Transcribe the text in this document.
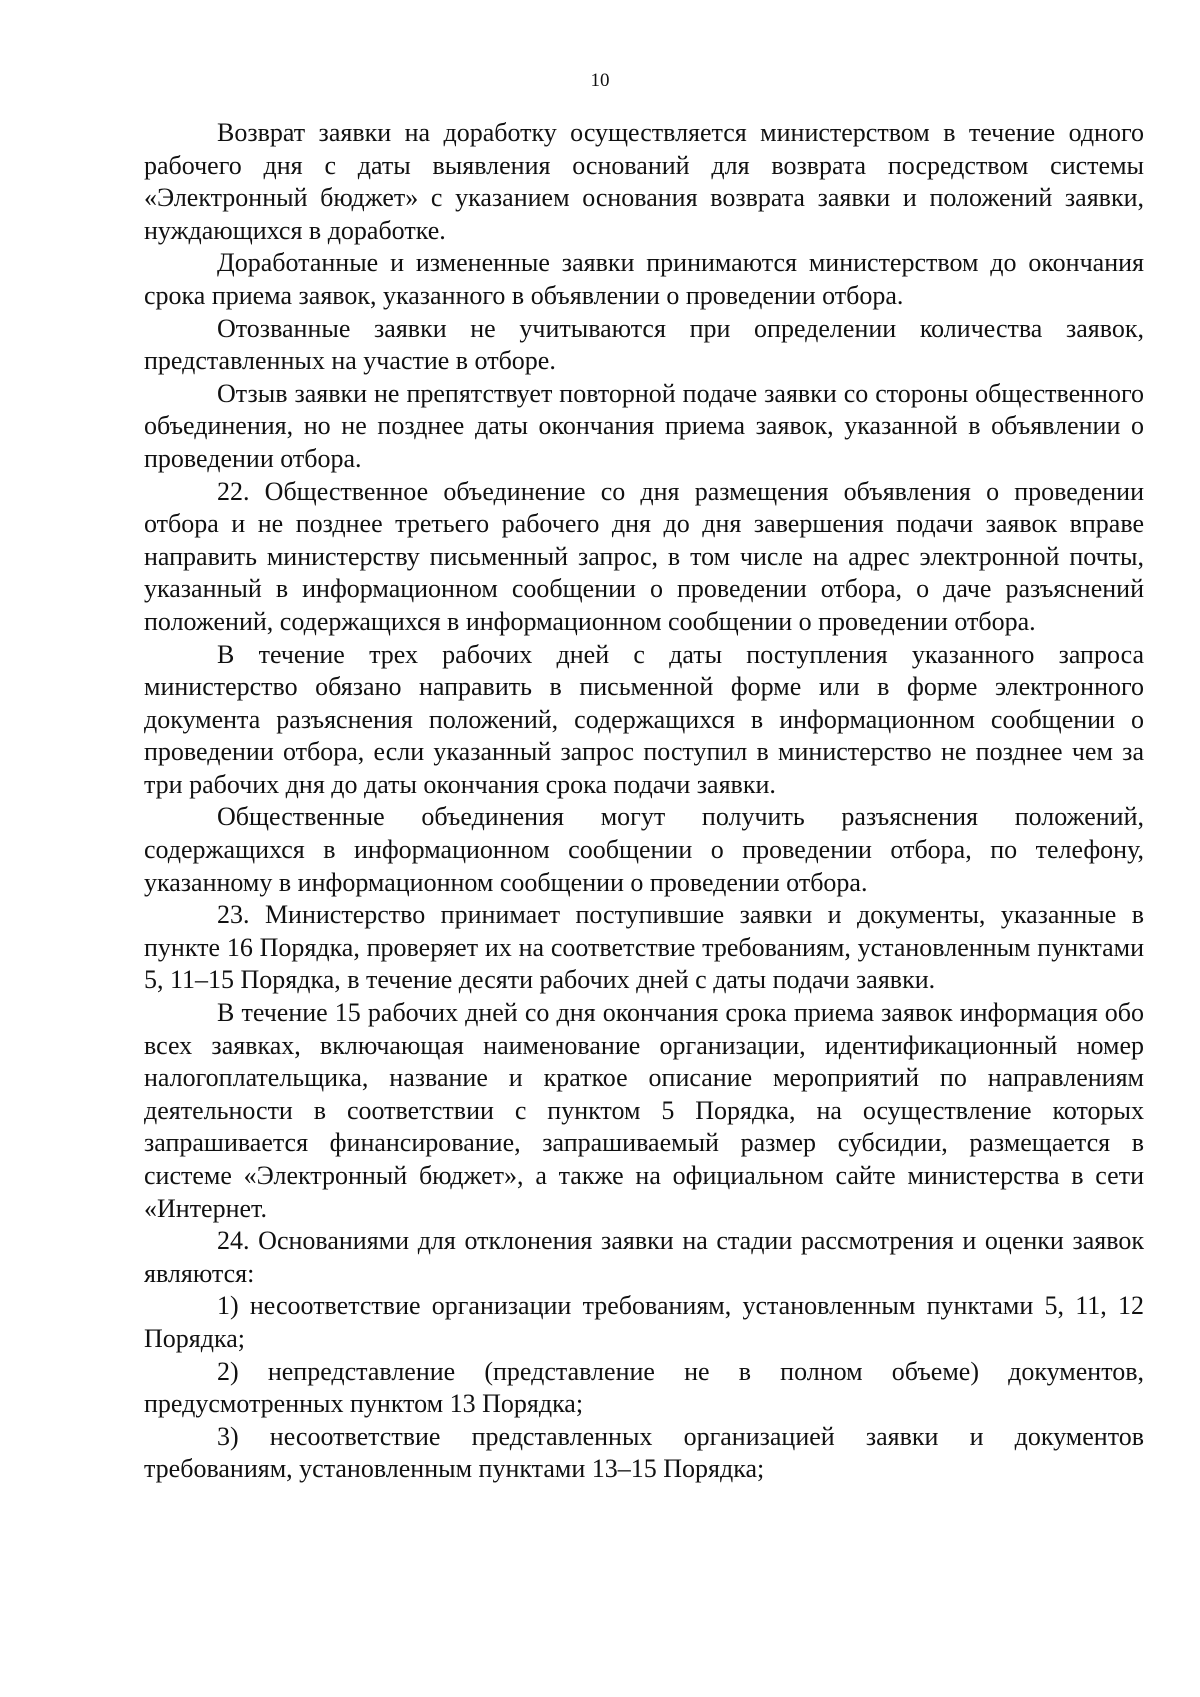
10

Возврат заявки на доработку осуществляется министерством в течение одного рабочего дня с даты выявления оснований для возврата посредством системы «Электронный бюджет» с указанием основания возврата заявки и положений заявки, нуждающихся в доработке.

Доработанные и измененные заявки принимаются министерством до окончания срока приема заявок, указанного в объявлении о проведении отбора.

Отозванные заявки не учитываются при определении количества заявок, представленных на участие в отборе.

Отзыв заявки не препятствует повторной подаче заявки со стороны общественного объединения, но не позднее даты окончания приема заявок, указанной в объявлении о проведении отбора.

22. Общественное объединение со дня размещения объявления о проведении отбора и не позднее третьего рабочего дня до дня завершения подачи заявок вправе направить министерству письменный запрос, в том числе на адрес электронной почты, указанный в информационном сообщении о проведении отбора, о даче разъяснений положений, содержащихся в информационном сообщении о проведении отбора.

В течение трех рабочих дней с даты поступления указанного запроса министерство обязано направить в письменной форме или в форме электронного документа разъяснения положений, содержащихся в информационном сообщении о проведении отбора, если указанный запрос поступил в министерство не позднее чем за три рабочих дня до даты окончания срока подачи заявки.

Общественные объединения могут получить разъяснения положений, содержащихся в информационном сообщении о проведении отбора, по телефону, указанному в информационном сообщении о проведении отбора.

23. Министерство принимает поступившие заявки и документы, указанные в пункте 16 Порядка, проверяет их на соответствие требованиям, установленным пунктами 5, 11–15 Порядка, в течение десяти рабочих дней с даты подачи заявки.

В течение 15 рабочих дней со дня окончания срока приема заявок информация обо всех заявках, включающая наименование организации, идентификационный номер налогоплательщика, название и краткое описание мероприятий по направлениям деятельности в соответствии с пунктом 5 Порядка, на осуществление которых запрашивается финансирование, запрашиваемый размер субсидии, размещается в системе «Электронный бюджет», а также на официальном сайте министерства в сети «Интернет.

24. Основаниями для отклонения заявки на стадии рассмотрения и оценки заявок являются:

1) несоответствие организации требованиям, установленным пунктами 5, 11, 12 Порядка;

2) непредставление (представление не в полном объеме) документов, предусмотренных пунктом 13 Порядка;

3) несоответствие представленных организацией заявки и документов требованиям, установленным пунктами 13–15 Порядка;
